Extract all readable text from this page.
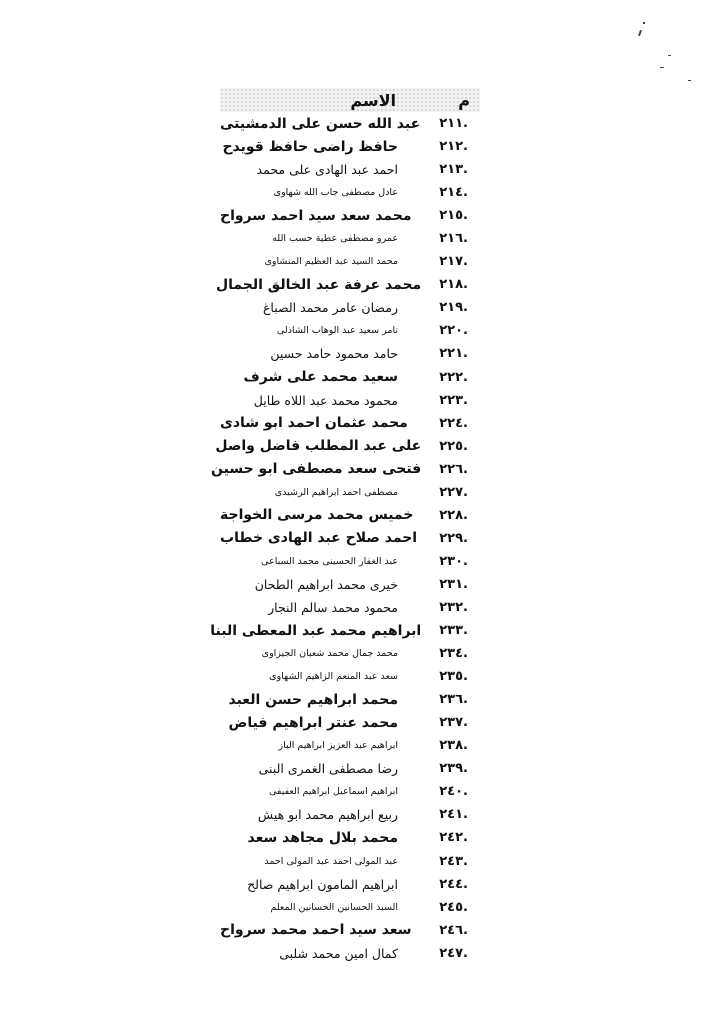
م
الاسم
٢١١.
عبد الله حسن على الدمشيتى
٢١٢.
حافظ راضى حافظ قويدح
٢١٣.
احمد عبد الهادى على محمد
٢١٤.
عادل مصطفى جاب الله شهاوى
٢١٥.
محمد سعد سيد احمد سرواح
٢١٦.
عمرو مصطفى عطية حسب الله
٢١٧.
محمد السيد عبد العظيم المنشاوى
٢١٨.
محمد عرفة عبد الخالق الجمال
٢١٩.
رمضان عامر محمد الصباغ
٢٢٠.
تامر سعيد عبد الوهاب الشاذلى
٢٢١.
حامد محمود حامد حسين
٢٢٢.
سعيد محمد على شرف
٢٢٣.
محمود محمد عبد اللاه طايل
٢٢٤.
محمد عثمان احمد ابو شادى
٢٢٥.
على عبد المطلب فاضل واصل
٢٢٦.
فتحى سعد مصطفى ابو حسين
٢٢٧.
مصطفى احمد ابراهيم الرشيدى
٢٢٨.
خميس محمد مرسى الخواجة
٢٢٩.
احمد صلاح عبد الهادى خطاب
٢٣٠.
عبد الغفار الحسينى محمد السباعى
٢٣١.
خيرى محمد ابراهيم الطحان
٢٣٢.
محمود محمد سالم النجار
٢٣٣.
ابراهيم محمد عبد المعطى البنا
٢٣٤.
محمد جمال محمد شعبان الجيزاوى
٢٣٥.
سعد عبد المنعم الزاهيم الشهاوى
٢٣٦.
محمد ابراهيم حسن العبد
٢٣٧.
محمد عنتر ابراهيم فياض
٢٣٨.
ابراهيم عبد العزيز ابراهيم الباز
٢٣٩.
رضا مصطفى الغمرى البنى
٢٤٠.
ابراهيم اسماعيل ابراهيم العفيفى
٢٤١.
ربيع ابراهيم محمد ابو هيش
٢٤٢.
محمد بلال مجاهد سعد
٢٤٣.
عبد المولى احمد عبد المولى احمد
٢٤٤.
ابراهيم المامون ابراهيم صالح
٢٤٥.
السيد الحسانين الحسانين المعلم
٢٤٦.
سعد سيد احمد محمد سرواح
٢٤٧.
كمال امين محمد شلبى
